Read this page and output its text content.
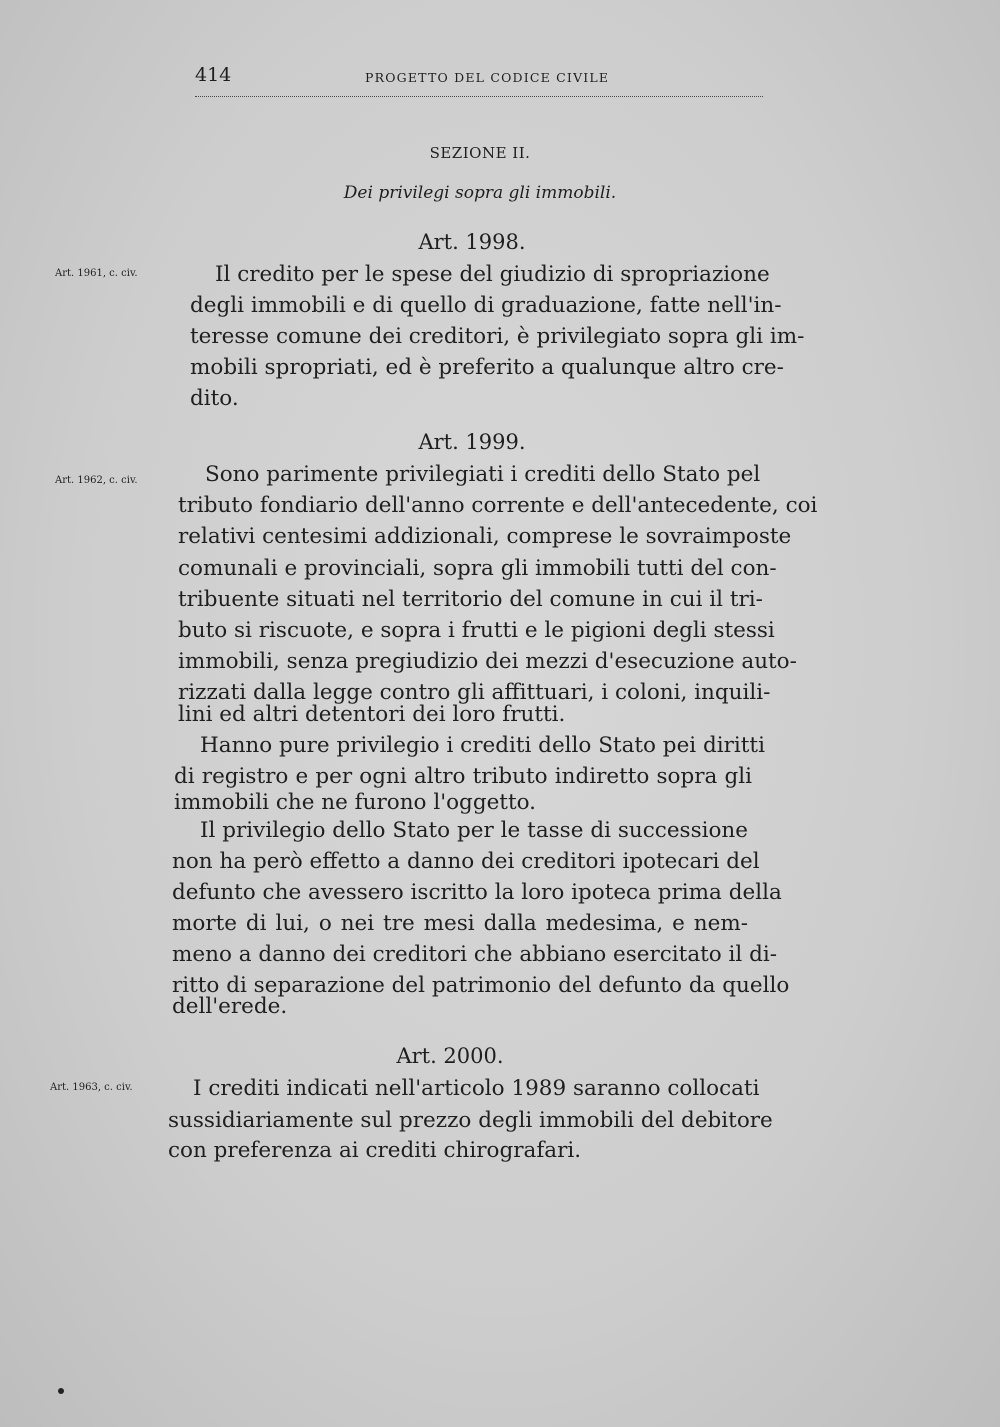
414	PROGETTO DEL CODICE CIVILE
SEZIONE II.
Dei privilegi sopra gli immobili.
Art. 1998.
Art. 1961, c. civ.	Il credito per le spese del giudizio di spropriazione
degli immobili e di quello di graduazione, fatte nell'in-
teresse comune dei creditori, è privilegiato sopra gli im-
mobili spropriati, ed è preferito a qualunque altro cre-
dito.
Art. 1999.
Art. 1962, c. civ.	Sono parimente privilegiati i crediti dello Stato pel
tributo fondiario dell'anno corrente e dell'antecedente, coi
relativi centesimi addizionali, comprese le sovraimposte
comunali e provinciali, sopra gli immobili tutti del con-
tribuente situati nel territorio del comune in cui il tri-
buto si riscuote, e sopra i frutti e le pigioni degli stessi
immobili, senza pregiudizio dei mezzi d'esecuzione auto-
rizzati dalla legge contro gli affittuari, i coloni, inquili-
lini ed altri detentori dei loro frutti.
Hanno pure privilegio i crediti dello Stato pei diritti
di registro e per ogni altro tributo indiretto sopra gli
immobili che ne furono l'oggetto.
Il privilegio dello Stato per le tasse di successione
non ha però effetto a danno dei creditori ipotecari del
defunto che avessero iscritto la loro ipoteca prima della
morte di lui, o nei tre mesi dalla medesima, e nem-
meno a danno dei creditori che abbiano esercitato il di-
ritto di separazione del patrimonio del defunto da quello
dell'erede.
Art. 2000.
Art. 1963, c. civ.	I crediti indicati nell'articolo 1989 saranno collocati
sussidiariamente sul prezzo degli immobili del debitore
con preferenza ai crediti chirografari.
